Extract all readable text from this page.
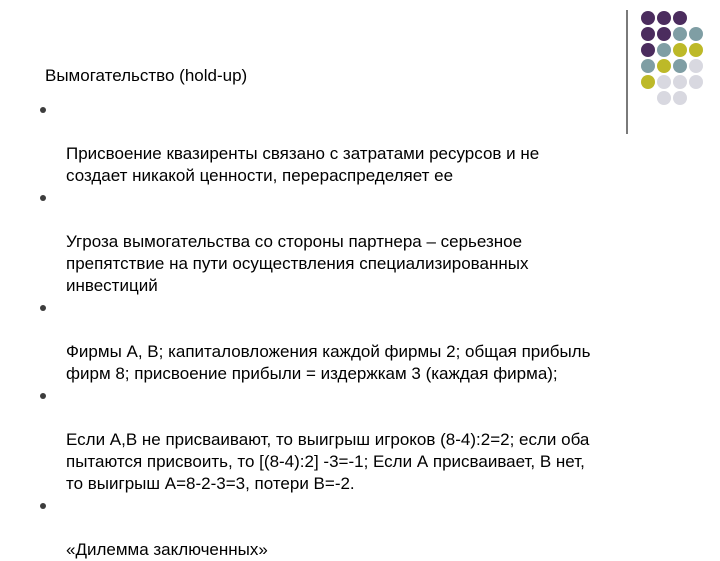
Вымогательство (hold-up)

Присвоение квазиренты связано с затратами ресурсов и не
создает никакой ценности, перераспределяет ее

Угроза вымогательства со стороны партнера – серьезное
препятствие на пути осуществления специализированных
инвестиций

Фирмы А, В; капиталовложения каждой фирмы 2; общая прибыль
фирм 8; присвоение прибыли = издержкам 3 (каждая фирма);

Если А,В не присваивают, то выигрыш игроков (8-4):2=2; если оба
пытаются присвоить, то [(8-4):2] -3=-1; Если А присваивает, В нет,
то выигрыш А=8-2-3=3, потери В=-2.

«Дилемма заключенных»
